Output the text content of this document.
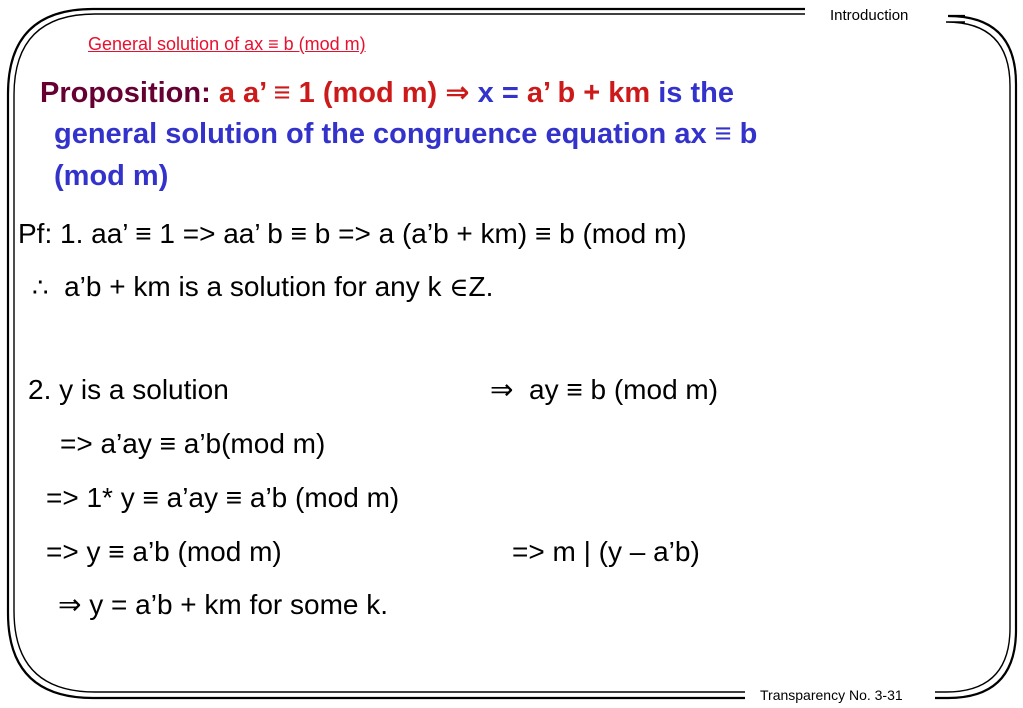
Introduction
Transparency No. 3-31
General solution of ax ≡ b (mod m)
Proposition: a a’ ≡ 1 (mod m) ⇒ x = a’ b + km is the
general solution of the congruence equation ax ≡ b
(mod m)
Pf: 1. aa’ ≡ 1 => aa’ b ≡ b => a (a’b + km) ≡ b (mod m)
∴ a’b + km is a solution for any k ∈Z.
2. y is a solution	⇒ ay ≡ b (mod m)
=> a’ay ≡ a’b(mod m)
=> 1* y ≡ a’ay ≡ a’b (mod m)
=> y ≡ a’b (mod m)	=> m | (y – a’b)
⇒ y = a’b + km for some k.
